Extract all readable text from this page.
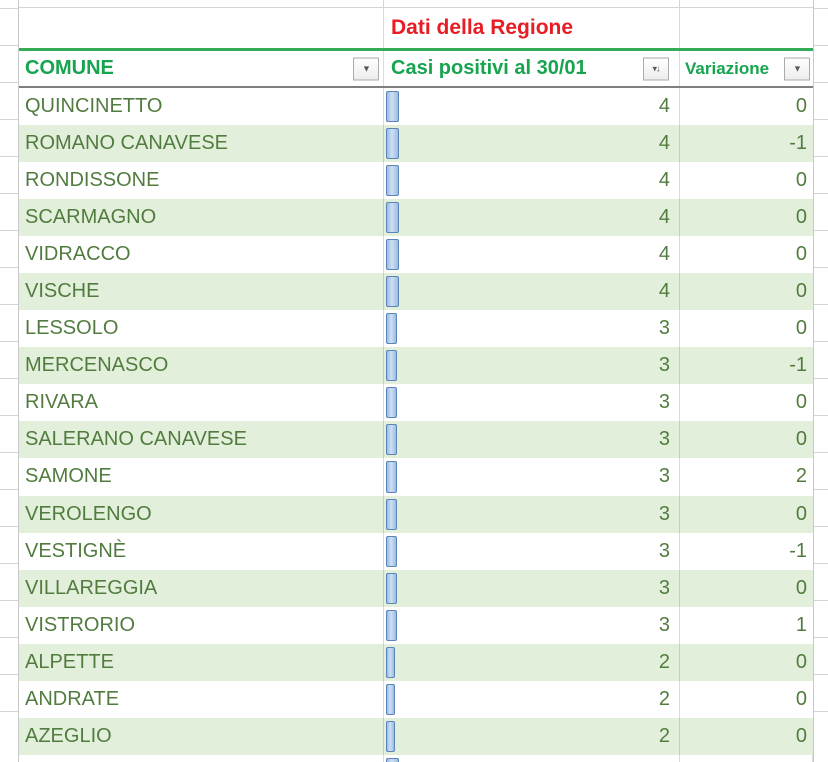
Dati della Regione
COMUNE	▼	Casi positivi al 30/01	▾↓	Variazione	▼
QUINCINETTO	4	0
ROMANO CANAVESE	4	-1
RONDISSONE	4	0
SCARMAGNO	4	0
VIDRACCO	4	0
VISCHE	4	0
LESSOLO	3	0
MERCENASCO	3	-1
RIVARA	3	0
SALERANO CANAVESE	3	0
SAMONE	3	2
VEROLENGO	3	0
VESTIGNÈ	3	-1
VILLAREGGIA	3	0
VISTRORIO	3	1
ALPETTE	2	0
ANDRATE	2	0
AZEGLIO	2	0
